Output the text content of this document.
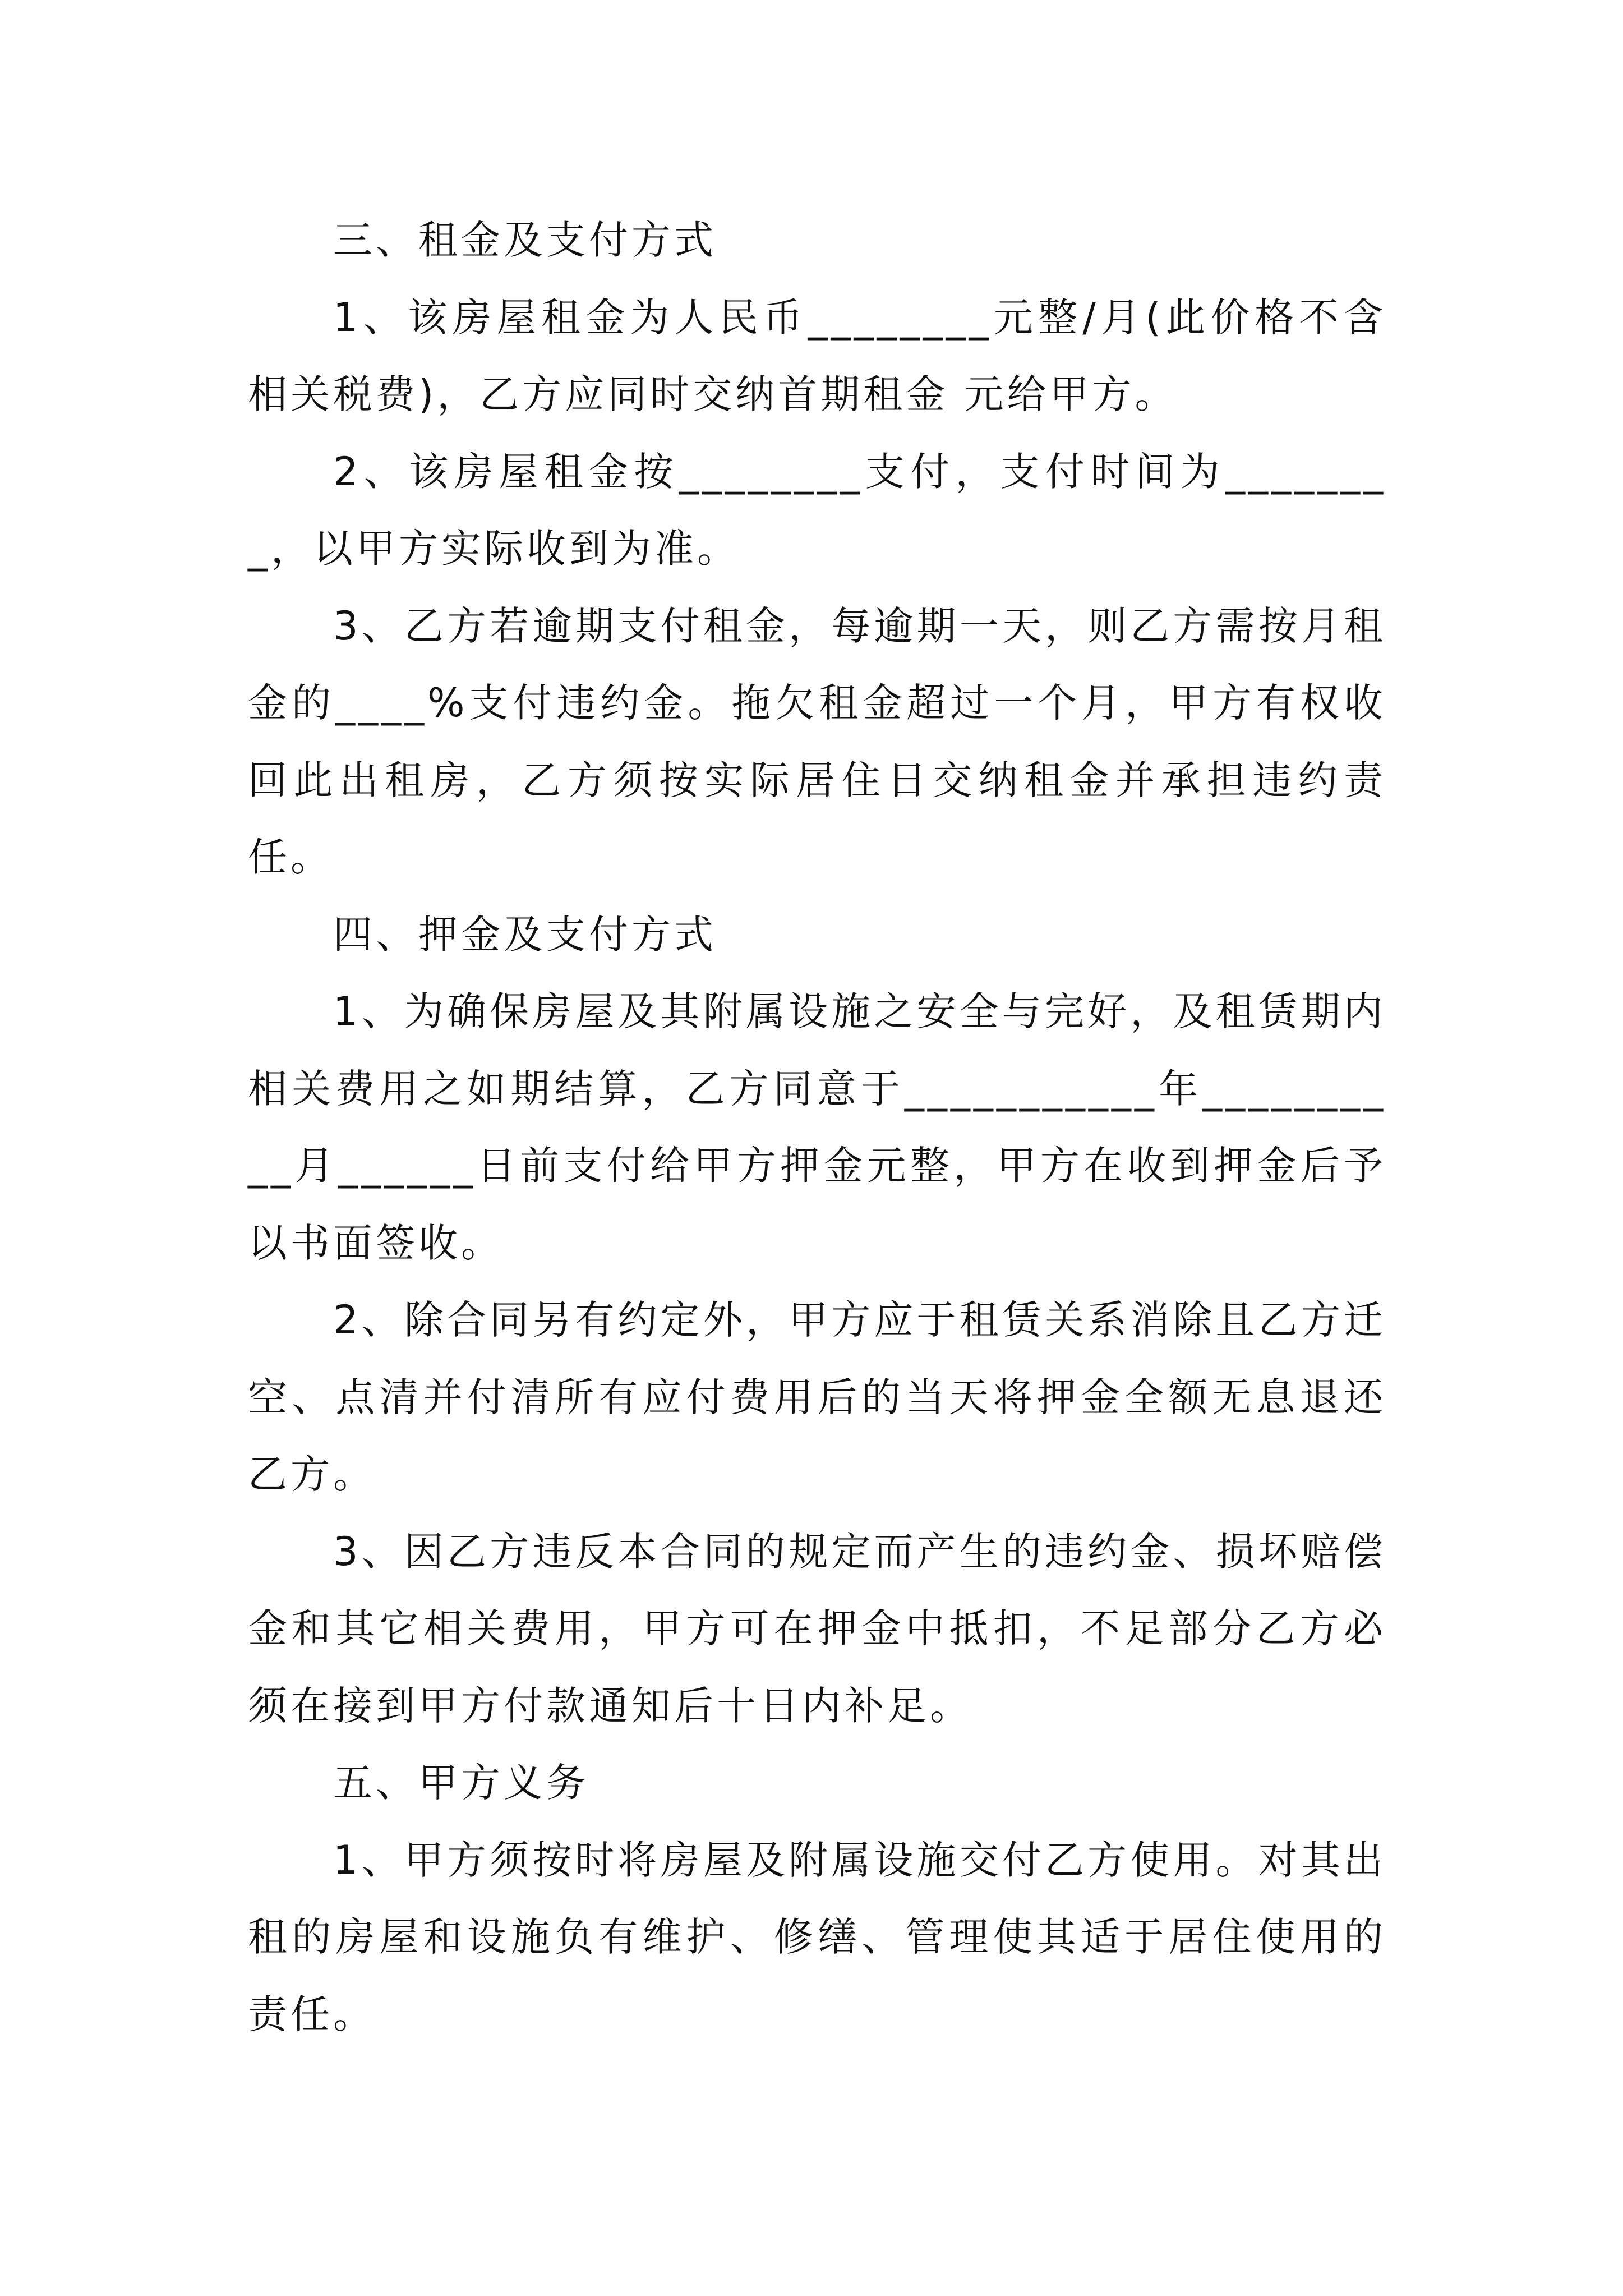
三、租金及支付方式

1、该房屋租金为人民币________元整/月(此价格不含相关税费)，乙方应同时交纳首期租金 元给甲方。

2、该房屋租金按________支付，支付时间为________，以甲方实际收到为准。

3、乙方若逾期支付租金，每逾期一天，则乙方需按月租金的____%支付违约金。拖欠租金超过一个月，甲方有权收回此出租房，乙方须按实际居住日交纳租金并承担违约责任。

四、押金及支付方式

1、为确保房屋及其附属设施之安全与完好，及租赁期内相关费用之如期结算，乙方同意于___________年__________月______日前支付给甲方押金元整，甲方在收到押金后予以书面签收。

2、除合同另有约定外，甲方应于租赁关系消除且乙方迁空、点清并付清所有应付费用后的当天将押金全额无息退还乙方。

3、因乙方违反本合同的规定而产生的违约金、损坏赔偿金和其它相关费用，甲方可在押金中抵扣，不足部分乙方必须在接到甲方付款通知后十日内补足。

五、甲方义务

1、甲方须按时将房屋及附属设施交付乙方使用。对其出租的房屋和设施负有维护、修缮、管理使其适于居住使用的责任。
